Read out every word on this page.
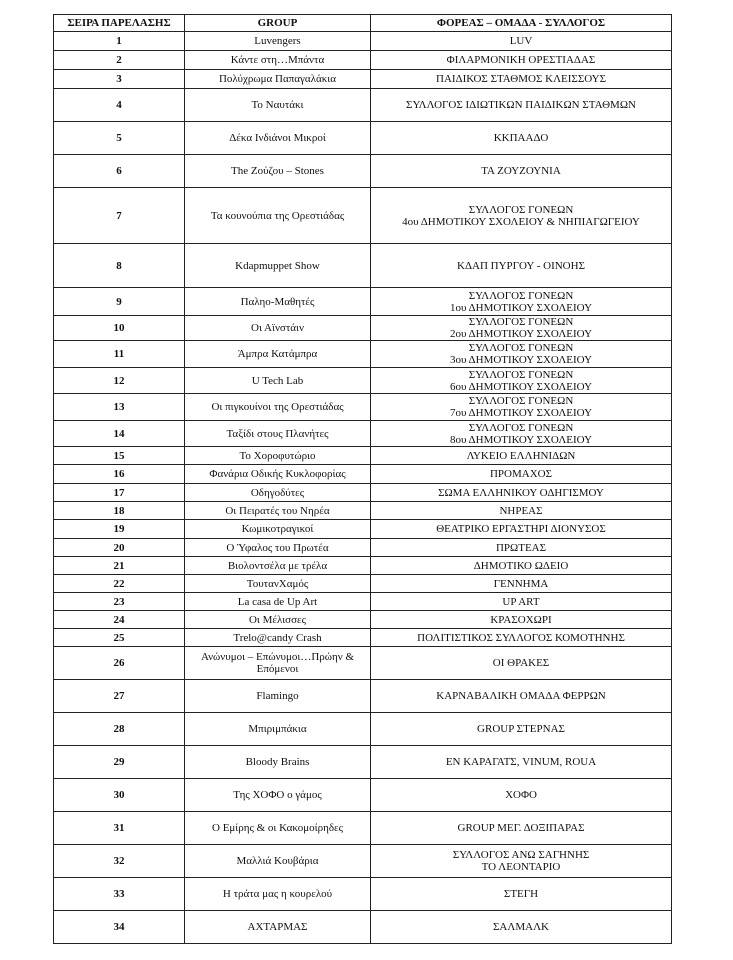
ΣΕΙΡΑ ΠΑΡΕΛΑΣΗΣ	GROUP	ΦΟΡΕΑΣ – ΟΜΑΔΑ - ΣΥΛΛΟΓΟΣ
1	Luvengers	LUV

2	Κάντε στη…Μπάντα	ΦΙΛΑΡΜΟΝΙΚΗ ΟΡΕΣΤΙΑΔΑΣ

3	Πολύχρωμα Παπαγαλάκια	ΠΑΙΔΙΚΟΣ ΣΤΑΘΜΟΣ ΚΛΕΙΣΣΟΥΣ

4	Το Ναυτάκι	ΣΥΛΛΟΓΟΣ ΙΔΙΩΤΙΚΩΝ ΠΑΙΔΙΚΩΝ ΣΤΑΘΜΩΝ

5	Δέκα Ινδιάνοι Μικροί	ΚΚΠΑΑΔΟ

6	The Ζούζου – Stones	ΤΑ ΖΟΥΖΟΥΝΙΑ

7	Τα κουνούπια της Ορεστιάδας	ΣΥΛΛΟΓΟΣ ΓΟΝΕΩΝ
4ου ΔΗΜΟΤΙΚΟΥ ΣΧΟΛΕΙΟΥ & ΝΗΠΙΑΓΩΓΕΙΟΥ

8	Kdapmuppet Show	ΚΔΑΠ ΠΥΡΓΟΥ - ΟΙΝΟΗΣ

9	Παληο-Μαθητές	ΣΥΛΛΟΓΟΣ ΓΟΝΕΩΝ
1ου ΔΗΜΟΤΙΚΟΥ ΣΧΟΛΕΙΟΥ

10	Οι Αϊνστάιν	ΣΥΛΛΟΓΟΣ ΓΟΝΕΩΝ
2ου ΔΗΜΟΤΙΚΟΥ ΣΧΟΛΕΙΟΥ

11	Άμπρα Κατάμπρα	ΣΥΛΛΟΓΟΣ ΓΟΝΕΩΝ
3ου ΔΗΜΟΤΙΚΟΥ ΣΧΟΛΕΙΟΥ

12	U Tech Lab	ΣΥΛΛΟΓΟΣ ΓΟΝΕΩΝ
6ου ΔΗΜΟΤΙΚΟΥ ΣΧΟΛΕΙΟΥ

13	Οι πιγκουίνοι της Ορεστιάδας	ΣΥΛΛΟΓΟΣ ΓΟΝΕΩΝ
7ου ΔΗΜΟΤΙΚΟΥ ΣΧΟΛΕΙΟΥ

14	Ταξίδι στους Πλανήτες	ΣΥΛΛΟΓΟΣ ΓΟΝΕΩΝ
8ου ΔΗΜΟΤΙΚΟΥ ΣΧΟΛΕΙΟΥ

15	Το Χοροφυτώριο	ΛΥΚΕΙΟ ΕΛΛΗΝΙΔΩΝ

16	Φανάρια Οδικής Κυκλοφορίας	ΠΡΟΜΑΧΟΣ

17	Οδηγοδύτες	ΣΩΜΑ ΕΛΛΗΝΙΚΟΥ ΟΔΗΓΙΣΜΟΥ

18	Οι Πειρατές του Νηρέα	ΝΗΡΕΑΣ

19	Κωμικοτραγικοί	ΘΕΑΤΡΙΚΟ ΕΡΓΑΣΤΗΡΙ ΔΙΟΝΥΣΟΣ

20	Ο Ύφαλος του Πρωτέα	ΠΡΩΤΕΑΣ

21	Βιολοντσέλα με τρέλα	ΔΗΜΟΤΙΚΟ ΩΔΕΙΟ

22	ΤουτανΧαμός	ΓΕΝΝΗΜΑ

23	La casa de Up Art	UP ART

24	Οι Μέλισσες	ΚΡΑΣΟΧΩΡΙ

25	Trelo@candy Crash	ΠΟΛΙΤΙΣΤΙΚΟΣ ΣΥΛΛΟΓΟΣ ΚΟΜΟΤΗΝΗΣ

26	Ανώνυμοι – Επώνυμοι…Πρώην & Επόμενοι	ΟΙ ΘΡΑΚΕΣ

27	Flamingo	ΚΑΡΝΑΒΑΛΙΚΗ ΟΜΑΔΑ ΦΕΡΡΩΝ

28	Μπιριμπάκια	GROUP ΣΤΕΡΝΑΣ

29	Bloody Brains	ΕΝ ΚΑΡΑΓΑΤΣ, VINUM, ROUA

30	Της ΧΟΦΟ ο γάμος	ΧΟΦΟ

31	Ο Εμίρης & οι Κακομοίρηδες	GROUP ΜΕΓ. ΔΟΞΙΠΑΡΑΣ

32	Μαλλιά Κουβάρια	ΣΥΛΛΟΓΟΣ ΑΝΩ ΣΑΓΗΝΗΣ
ΤΟ ΛΕΟΝΤΑΡΙΟ

33	Η τράτα μας η κουρελού	ΣΤΕΓΗ

34	ΑΧΤΑΡΜΑΣ	ΣΑΛΜΑΛΚ
